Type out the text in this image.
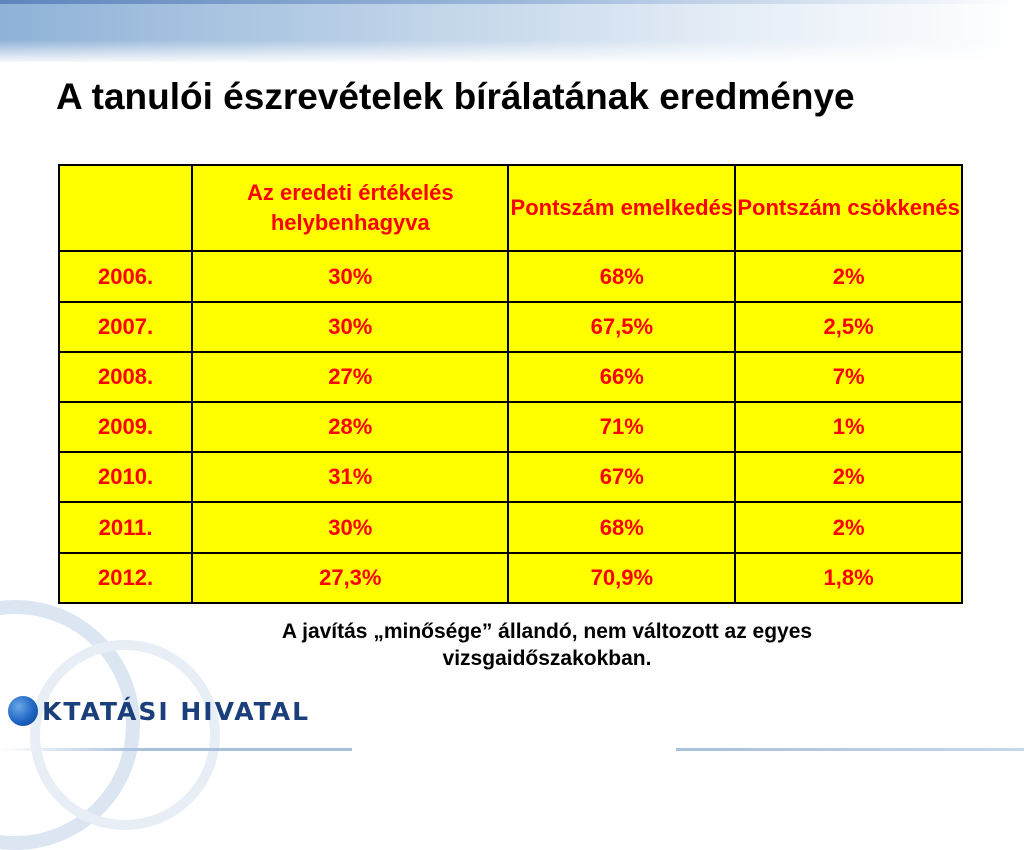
A tanulói észrevételek bírálatának eredménye
	Az eredeti értékelés helybenhagyva	Pontszám emelkedés	Pontszám csökkenés
2006.	30%	68%	2%
2007.	30%	67,5%	2,5%
2008.	27%	66%	7%
2009.	28%	71%	1%
2010.	31%	67%	2%
2011.	30%	68%	2%
2012.	27,3%	70,9%	1,8%
A javítás „minősége” állandó, nem változott az egyes vizsgaidőszakokban.
KTATÁSI HIVATAL
